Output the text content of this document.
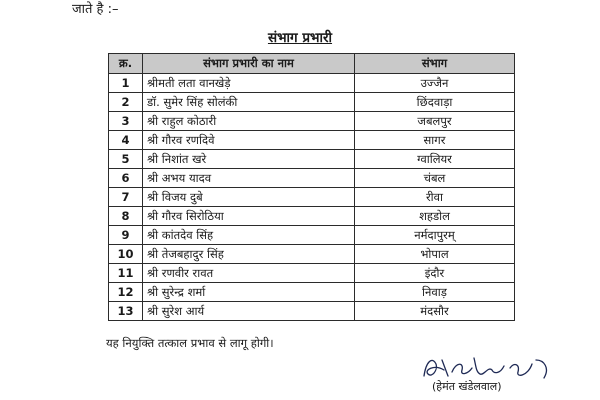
जाते है :–
संभाग प्रभारी
क्र.	संभाग प्रभारी का नाम	संभाग
1	श्रीमती लता वानखेड़े	उज्जैन
2	डॉ. सुमेर सिंह सोलंकी	छिंदवाड़ा
3	श्री राहुल कोठारी	जबलपुर
4	श्री गौरव रणदिवे	सागर
5	श्री निशांत खरे	ग्वालियर
6	श्री अभय यादव	चंबल
7	श्री विजय दुबे	रीवा
8	श्री गौरव सिरोठिया	शहडोल
9	श्री कांतदेव सिंह	नर्मदापुरम्
10	श्री तेजबहादुर सिंह	भोपाल
11	श्री रणवीर रावत	इंदौर
12	श्री सुरेन्द्र शर्मा	निवाड़
13	श्री सुरेश आर्य	मंदसौर
यह नियुक्ति तत्काल प्रभाव से लागू होगी।
(हेमंत खंडेलवाल)
